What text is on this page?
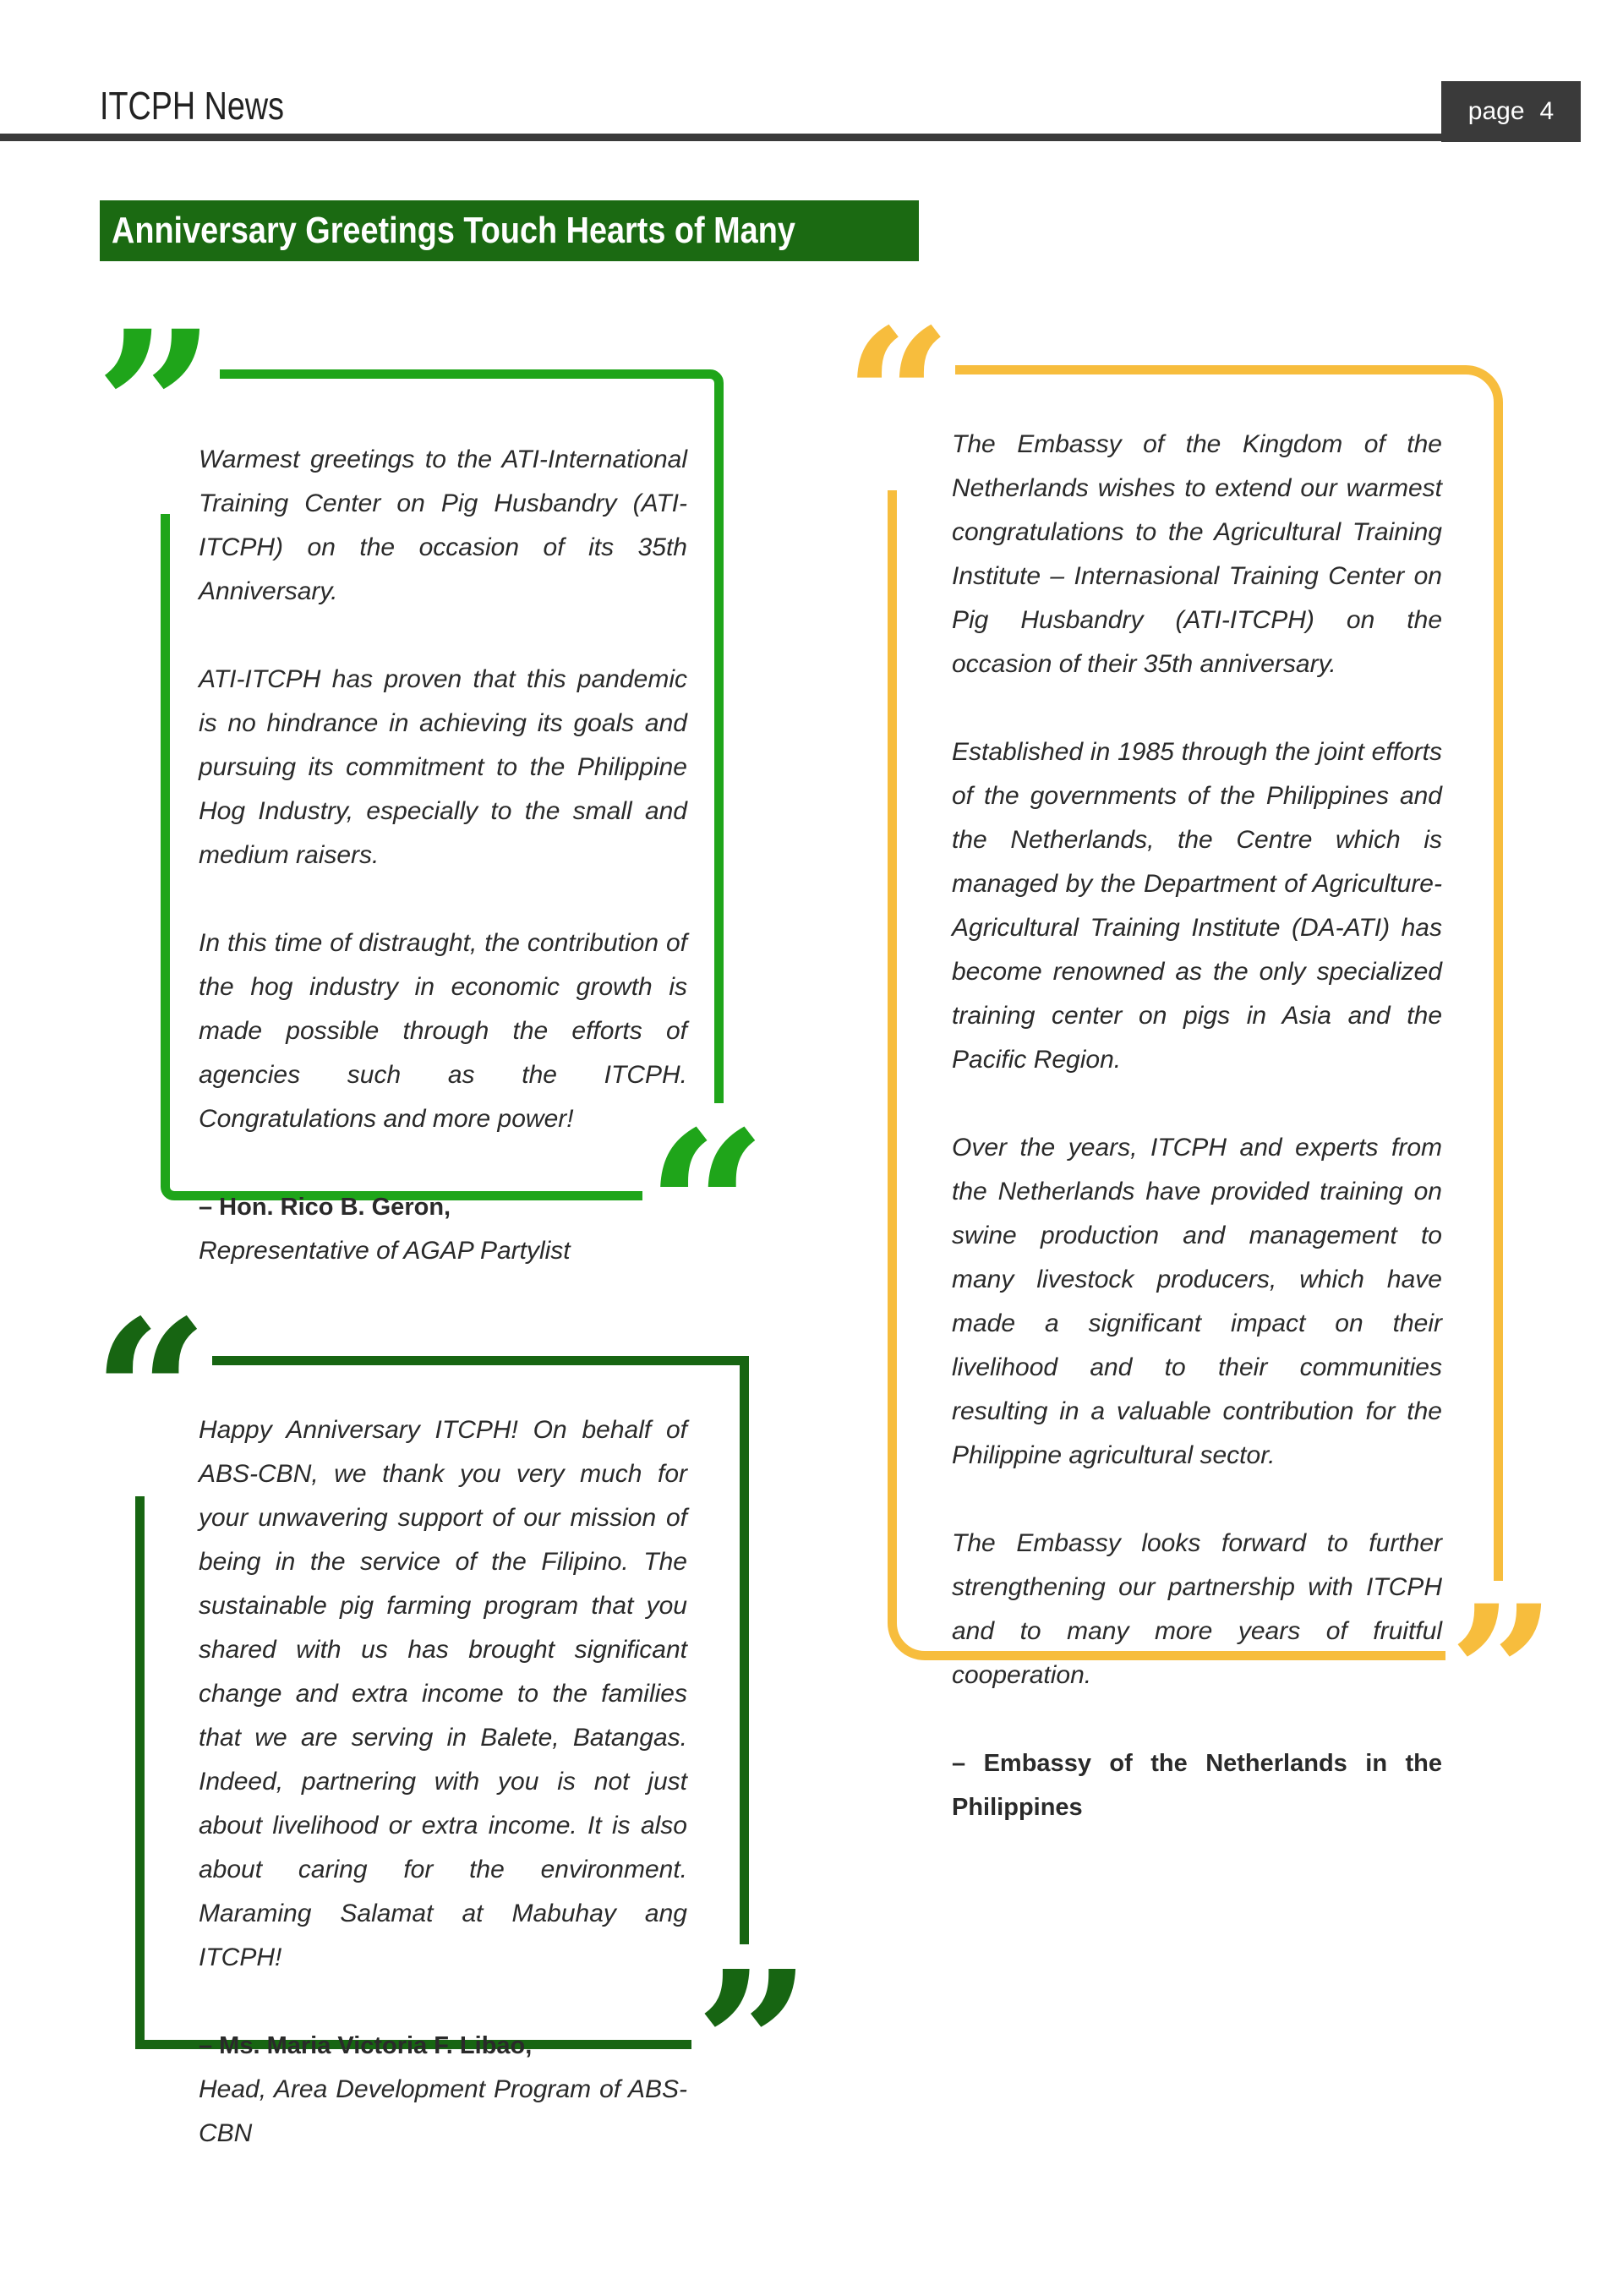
ITCPH News	page 4
Anniversary Greetings Touch Hearts of Many
”
“

Warmest greetings to the ATI-International Training Center on Pig Husbandry (ATI-ITCPH) on the occasion of its 35th Anniversary.

ATI-ITCPH has proven that this pandemic is no hindrance in achieving its goals and pursuing its commitment to the Philippine Hog Industry, especially to the small and medium raisers.

In this time of distraught, the contribution of the hog industry in economic growth is made possible through the efforts of agencies such as the ITCPH. Congratulations and more power!

– Hon. Rico B. Geron,
Representative of AGAP Partylist
“
”

Happy Anniversary ITCPH! On behalf of ABS-CBN, we thank you very much for your unwavering support of our mission of being in the service of the Filipino. The sustainable pig farming program that you shared with us has brought significant change and extra income to the families that we are serving in Balete, Batangas. Indeed, partnering with you is not just about livelihood or extra income. It is also about caring for the environment. Maraming Salamat at Mabuhay ang ITCPH!

– Ms. Maria Victoria F. Libao,
Head, Area Development Program of ABS-CBN
“
”

The Embassy of the Kingdom of the Netherlands wishes to extend our warmest congratulations to the Agricultural Training Institute – Internasional Training Center on Pig Husbandry (ATI-ITCPH) on the occasion of their 35th anniversary.

Established in 1985 through the joint efforts of the governments of the Philippines and the Netherlands, the Centre which is managed by the Department of Agriculture-Agricultural Training Institute (DA-ATI) has become renowned as the only specialized training center on pigs in Asia and the Pacific Region.

Over the years, ITCPH and experts from the Netherlands have provided training on swine production and management to many livestock producers, which have made a significant impact on their livelihood and to their communities resulting in a valuable contribution for the Philippine agricultural sector.

The Embassy looks forward to further strengthening our partnership with ITCPH and to many more years of fruitful cooperation.

– Embassy of the Netherlands in the Philippines
